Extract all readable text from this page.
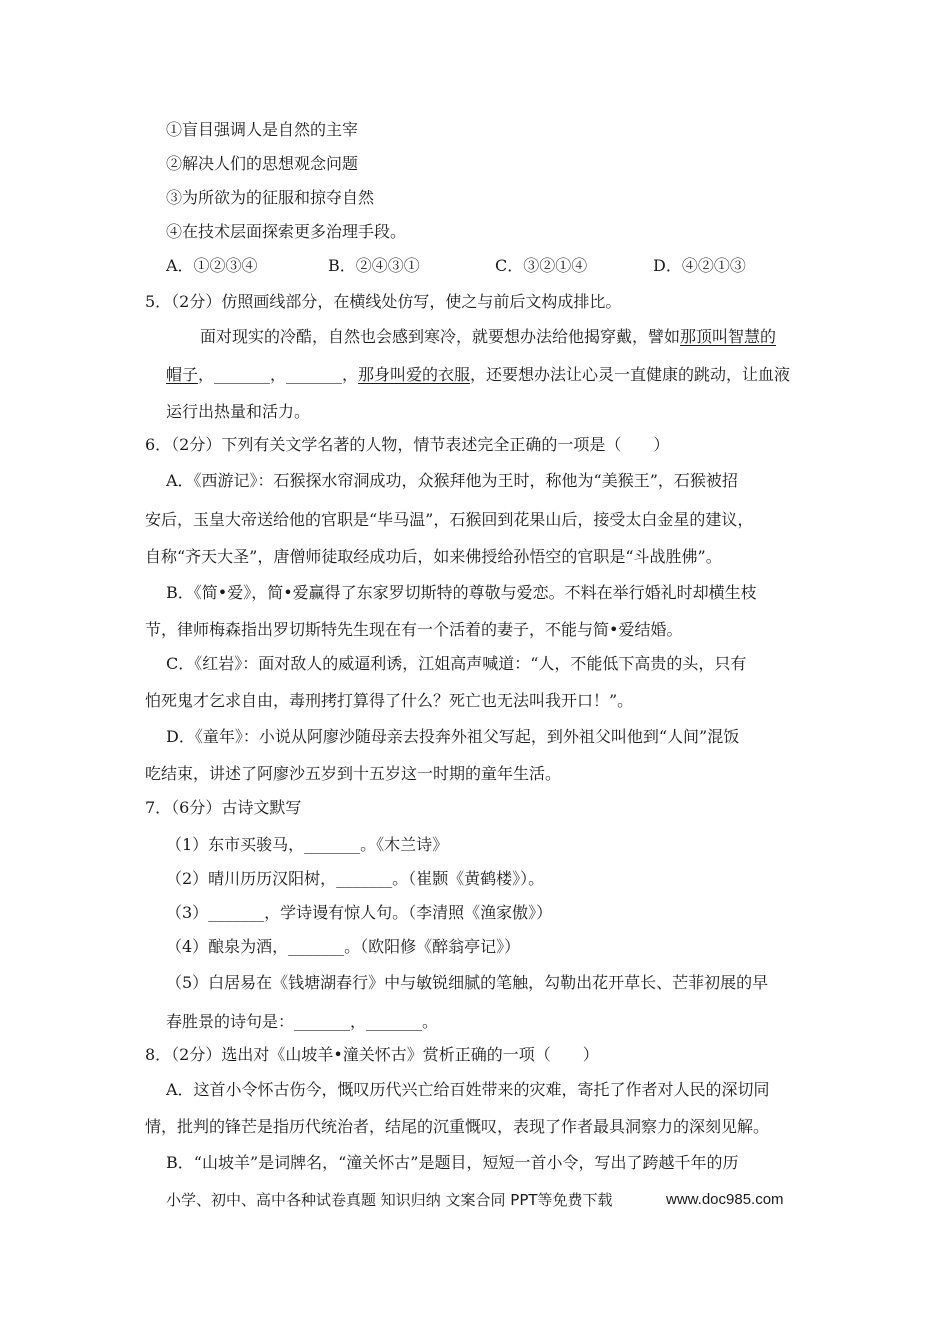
①盲目强调人是自然的主宰
②解决人们的思想观念问题
③为所欲为的征服和掠夺自然
④在技术层面探索更多治理手段。
A．①②③④	B．②④③①	C．③②①④	D．④②①③
5．（2分）仿照画线部分，在横线处仿写，使之与前后文构成排比。
面对现实的冷酷，自然也会感到寒冷，就要想办法给他揭穿戴，譬如那顶叫智慧的
帽子，_______，_______，那身叫爱的衣服，还要想办法让心灵一直健康的跳动，让血液
运行出热量和活力。
6．（2分）下列有关文学名著的人物，情节表述完全正确的一项是（　　）
A．《西游记》：石猴探水帘洞成功，众猴拜他为王时，称他为“美猴王”，石猴被招
安后，玉皇大帝送给他的官职是“毕马温”，石猴回到花果山后，接受太白金星的建议，
自称“齐天大圣”，唐僧师徒取经成功后，如来佛授给孙悟空的官职是“斗战胜佛”。
B．《简•爱》，简•爱赢得了东家罗切斯特的尊敬与爱恋。不料在举行婚礼时却横生枝
节，律师梅森指出罗切斯特先生现在有一个活着的妻子，不能与简•爱结婚。
C．《红岩》：面对敌人的威逼利诱，江姐高声喊道：“人，不能低下高贵的头，只有
怕死鬼才乞求自由，毒刑拷打算得了什么？死亡也无法叫我开口！”。
D．《童年》：小说从阿廖沙随母亲去投奔外祖父写起，到外祖父叫他到“人间”混饭
吃结束，讲述了阿廖沙五岁到十五岁这一时期的童年生活。
7．（6分）古诗文默写
（1）东市买骏马，_______。《木兰诗》
（2）晴川历历汉阳树，_______。（崔颢《黄鹤楼》）。
（3）_______，学诗谩有惊人句。（李清照《渔家傲》）
（4）酿泉为酒，_______。（欧阳修《醉翁亭记》）
（5）白居易在《钱塘湖春行》中与敏锐细腻的笔触，勾勒出花开草长、芒菲初展的早
春胜景的诗句是：_______，_______。
8．（2分）选出对《山坡羊•潼关怀古》赏析正确的一项（　　）
A．这首小令怀古伤今，慨叹历代兴亡给百姓带来的灾难，寄托了作者对人民的深切同
情，批判的锋芒是指历代统治者，结尾的沉重慨叹，表现了作者最具洞察力的深刻见解。
B．“山坡羊”是词牌名，“潼关怀古”是题目，短短一首小令，写出了跨越千年的历
小学、初中、高中各种试卷真题 知识归纳 文案合同 PPT等免费下载	www.doc985.com
